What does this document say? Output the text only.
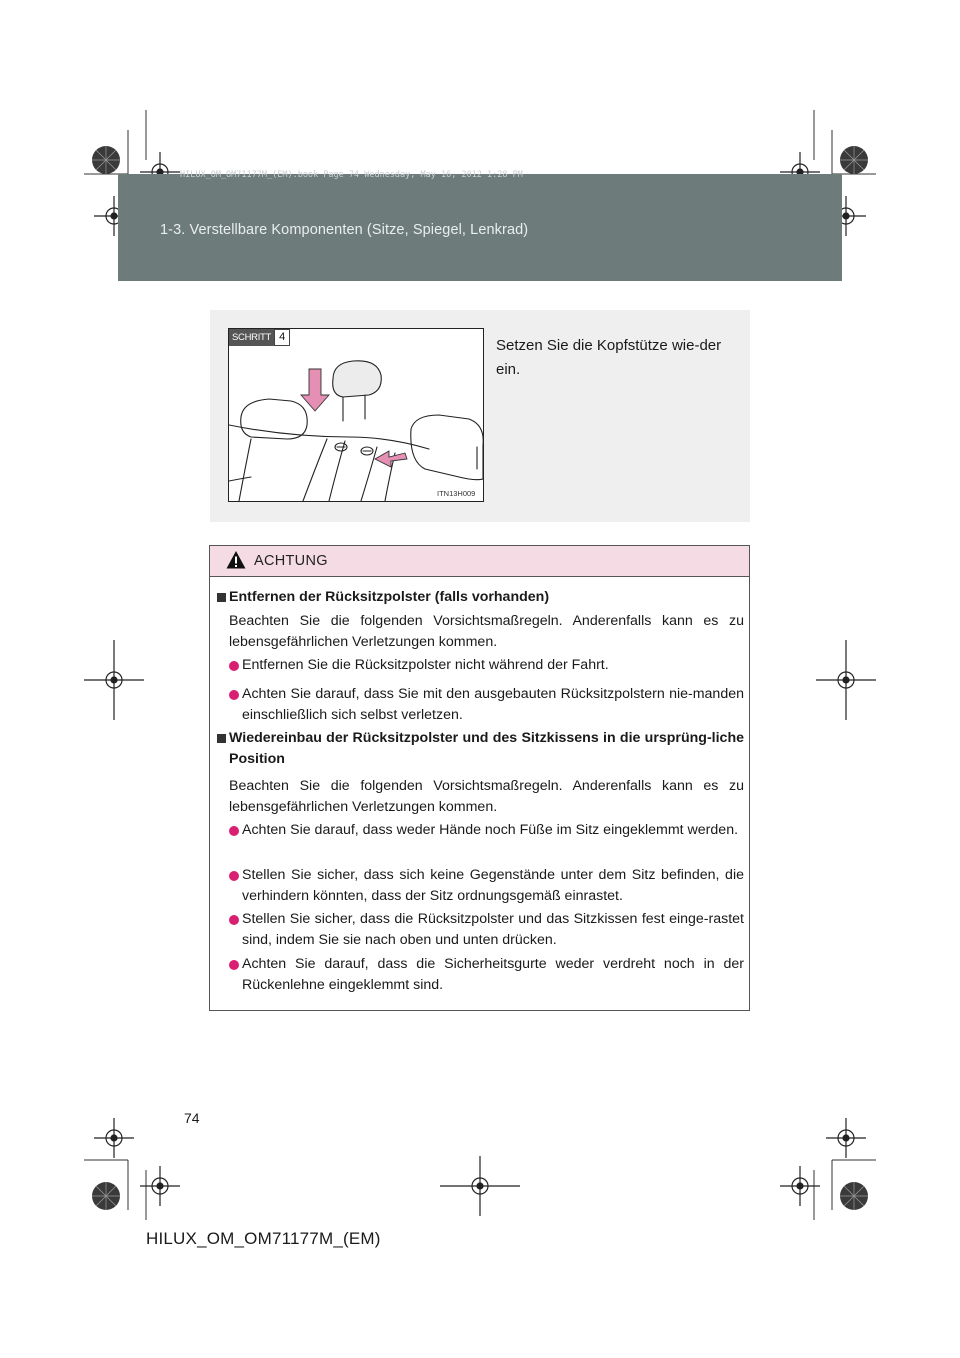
HILUX_OM_OM71177M_(EM).book Page 74 Wednesday, May 16, 2012 1:28 PM
1-3. Verstellbare Komponenten (Sitze, Spiegel, Lenkrad)
SCHRITT 4
ITN13H009
Setzen Sie die Kopfstütze wie-der ein.
ACHTUNG
Entfernen der Rücksitzpolster (falls vorhanden)
Beachten Sie die folgenden Vorsichtsmaßregeln. Anderenfalls kann es zu lebensgefährlichen Verletzungen kommen.
Entfernen Sie die Rücksitzpolster nicht während der Fahrt.
Achten Sie darauf, dass Sie mit den ausgebauten Rücksitzpolstern nie-manden einschließlich sich selbst verletzen.
Wiedereinbau der Rücksitzpolster und des Sitzkissens in die ursprüng-liche Position
Beachten Sie die folgenden Vorsichtsmaßregeln. Anderenfalls kann es zu lebensgefährlichen Verletzungen kommen.
Achten Sie darauf, dass weder Hände noch Füße im Sitz eingeklemmt werden.
Stellen Sie sicher, dass sich keine Gegenstände unter dem Sitz befinden, die verhindern könnten, dass der Sitz ordnungsgemäß einrastet.
Stellen Sie sicher, dass die Rücksitzpolster und das Sitzkissen fest einge-rastet sind, indem Sie sie nach oben und unten drücken.
Achten Sie darauf, dass die Sicherheitsgurte weder verdreht noch in der Rückenlehne eingeklemmt sind.
74
HILUX_OM_OM71177M_(EM)
